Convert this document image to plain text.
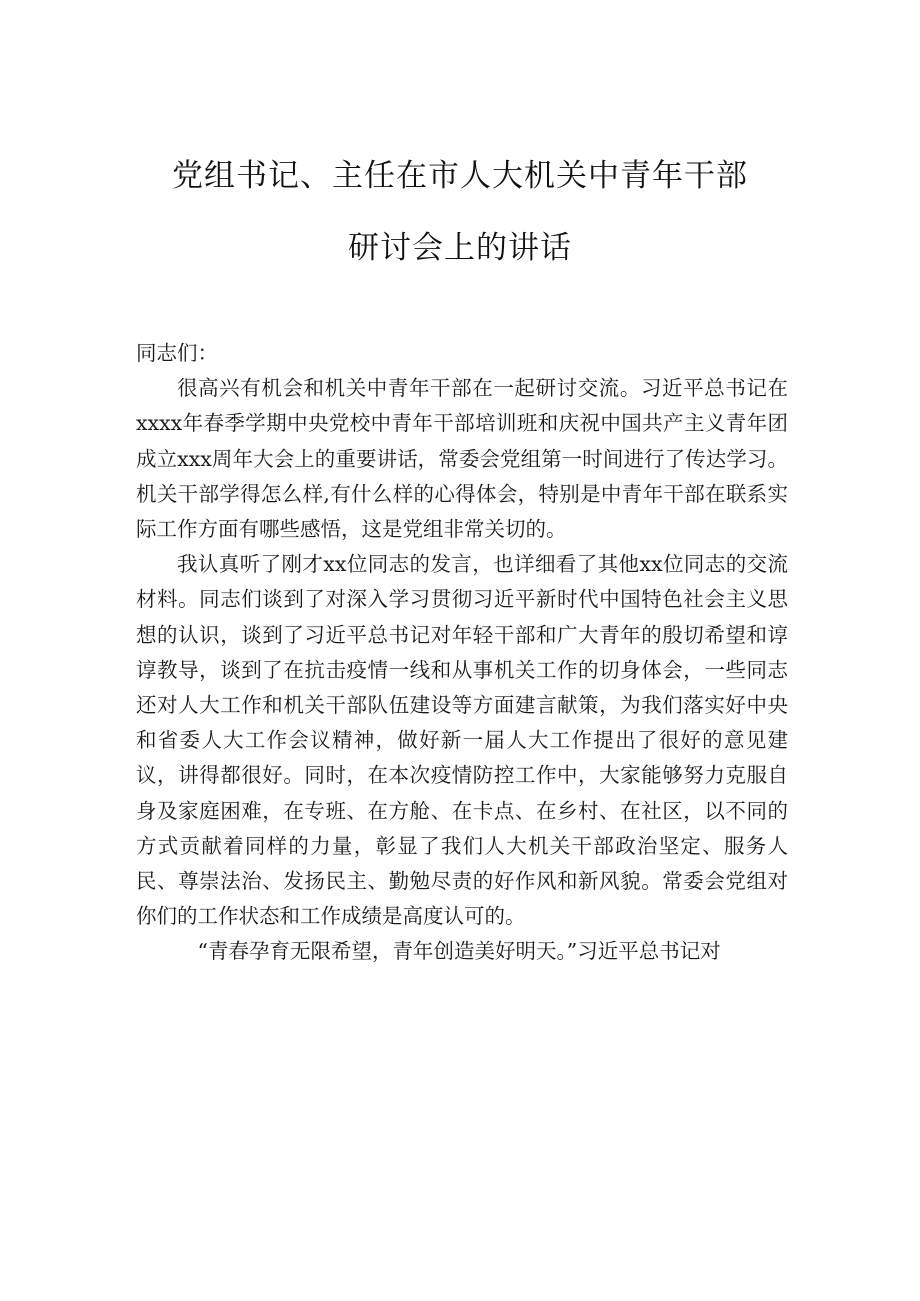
党组书记、主任在市人大机关中青年干部
研讨会上的讲话

同志们：

很高兴有机会和机关中青年干部在一起研讨交流。习近平总书记在xxxx年春季学期中央党校中青年干部培训班和庆祝中国共产主义青年团成立xxx周年大会上的重要讲话，常委会党组第一时间进行了传达学习。机关干部学得怎么样,有什么样的心得体会，特别是中青年干部在联系实际工作方面有哪些感悟，这是党组非常关切的。

我认真听了刚才xx位同志的发言，也详细看了其他xx位同志的交流材料。同志们谈到了对深入学习贯彻习近平新时代中国特色社会主义思想的认识，谈到了习近平总书记对年轻干部和广大青年的殷切希望和谆谆教导，谈到了在抗击疫情一线和从事机关工作的切身体会，一些同志还对人大工作和机关干部队伍建设等方面建言献策，为我们落实好中央和省委人大工作会议精神，做好新一届人大工作提出了很好的意见建议，讲得都很好。同时，在本次疫情防控工作中，大家能够努力克服自身及家庭困难，在专班、在方舱、在卡点、在乡村、在社区，以不同的方式贡献着同样的力量，彰显了我们人大机关干部政治坚定、服务人民、尊崇法治、发扬民主、勤勉尽责的好作风和新风貌。常委会党组对你们的工作状态和工作成绩是高度认可的。

“青春孕育无限希望，青年创造美好明天。”习近平总书记对
